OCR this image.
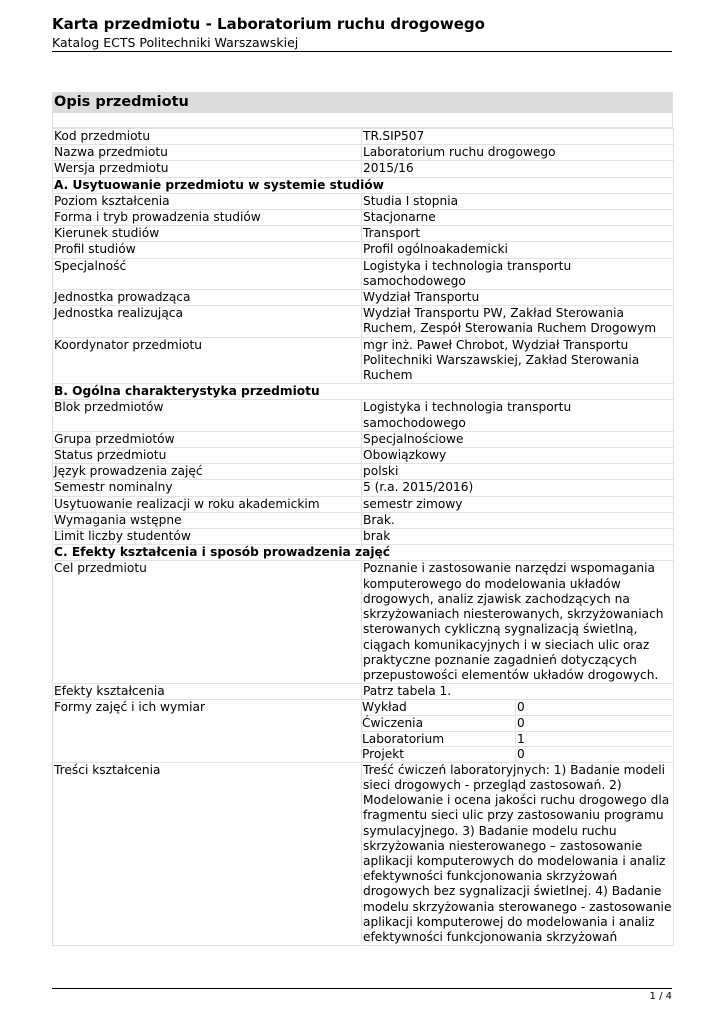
Karta przedmiotu - Laboratorium ruchu drogowego

Katalog ECTS Politechniki Warszawskiej

Opis przedmiotu
Kod przedmiotu	TR.SIP507
Nazwa przedmiotu	Laboratorium ruchu drogowego
Wersja przedmiotu	2015/16
A. Usytuowanie przedmiotu w systemie studiów
Poziom kształcenia	Studia I stopnia
Forma i tryb prowadzenia studiów	Stacjonarne
Kierunek studiów	Transport
Profil studiów	Profil ogólnoakademicki
Specjalność	Logistyka i technologia transportu samochodowego
Jednostka prowadząca	Wydział Transportu
Jednostka realizująca	Wydział Transportu PW, Zakład Sterowania Ruchem, Zespół Sterowania Ruchem Drogowym
Koordynator przedmiotu	mgr inż. Paweł Chrobot, Wydział Transportu Politechniki Warszawskiej, Zakład Sterowania Ruchem
B. Ogólna charakterystyka przedmiotu
Blok przedmiotów	Logistyka i technologia transportu samochodowego
Grupa przedmiotów	Specjalnościowe
Status przedmiotu	Obowiązkowy
Język prowadzenia zajęć	polski
Semestr nominalny	5 (r.a. 2015/2016)
Usytuowanie realizacji w roku akademickim	semestr zimowy
Wymagania wstępne	Brak.
Limit liczby studentów	brak
C. Efekty kształcenia i sposób prowadzenia zajęć
Cel przedmiotu	Poznanie i zastosowanie narzędzi wspomagania komputerowego do modelowania układów drogowych, analiz zjawisk zachodzących na skrzyżowaniach niesterowanych, skrzyżowaniach sterowanych cykliczną sygnalizacją świetlną, ciągach komunikacyjnych i w sieciach ulic oraz praktyczne poznanie zagadnień dotyczących przepustowości elementów układów drogowych.
Efekty kształcenia	Patrz tabela 1.
Formy zajęć i ich wymiar		Wykład	0
Ćwiczenia	0
Laboratorium	1
Projekt	0

Treści kształcenia	Treść ćwiczeń laboratoryjnych: 1) Badanie modeli sieci drogowych - przegląd zastosowań. 2) Modelowanie i ocena jakości ruchu drogowego dla fragmentu sieci ulic przy zastosowaniu programu symulacyjnego. 3) Badanie modelu ruchu skrzyżowania niesterowanego – zastosowanie aplikacji komputerowych do modelowania i analiz efektywności funkcjonowania skrzyżowań drogowych bez sygnalizacji świetlnej. 4) Badanie modelu skrzyżowania sterowanego - zastosowanie aplikacji komputerowej do modelowania i analiz efektywności funkcjonowania skrzyżowań
1 / 4
